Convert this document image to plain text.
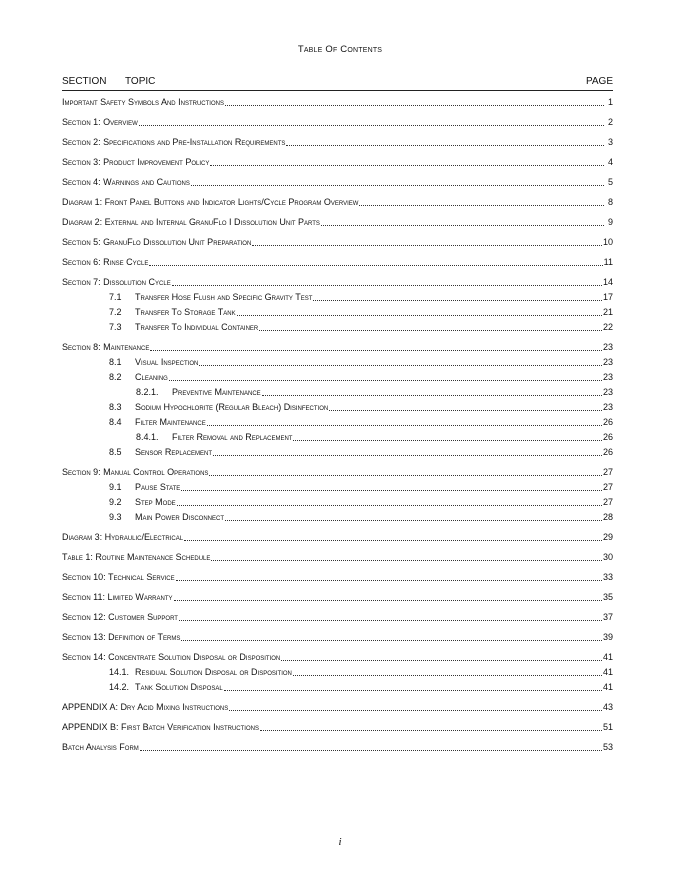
Table Of Contents
SECTION TOPIC	PAGE
Important Safety Symbols And Instructions	1
Section 1: Overview	2
Section 2: Specifications and Pre-Installation Requirements	3
Section 3: Product Improvement Policy	4
Section 4: Warnings and Cautions	5
Diagram 1: Front Panel Buttons and Indicator Lights/Cycle Program Overview	8
Diagram 2: External and Internal GranuFlo I Dissolution Unit Parts	9
Section 5: GranuFlo Dissolution Unit Preparation	10
Section 6: Rinse Cycle	11
Section 7: Dissolution Cycle	14
7.1	Transfer Hose Flush and Specific Gravity Test	17
7.2	Transfer To Storage Tank	21
7.3	Transfer To Individual Container	22
Section 8: Maintenance	23
8.1	Visual Inspection	23
8.2	Cleaning	23
8.2.1.	Preventive Maintenance	23
8.3	Sodium Hypochlorite (Regular Bleach) Disinfection	23
8.4	Filter Maintenance	26
8.4.1.	Filter Removal and Replacement	26
8.5	Sensor Replacement	26
Section 9: Manual Control Operations	27
9.1	Pause State	27
9.2	Step Mode	27
9.3	Main Power Disconnect	28
Diagram 3: Hydraulic/Electrical	29
Table 1: Routine Maintenance Schedule	30
Section 10: Technical Service	33
Section 11: Limited Warranty	35
Section 12: Customer Support	37
Section 13: Definition of Terms	39
Section 14: Concentrate Solution Disposal or Disposition	41
14.1. Residual Solution Disposal or Disposition	41
14.2. Tank Solution Disposal	41
APPENDIX A: Dry Acid Mixing Instructions	43
APPENDIX B: First Batch Verification Instructions	51
Batch Analysis Form	53
i
